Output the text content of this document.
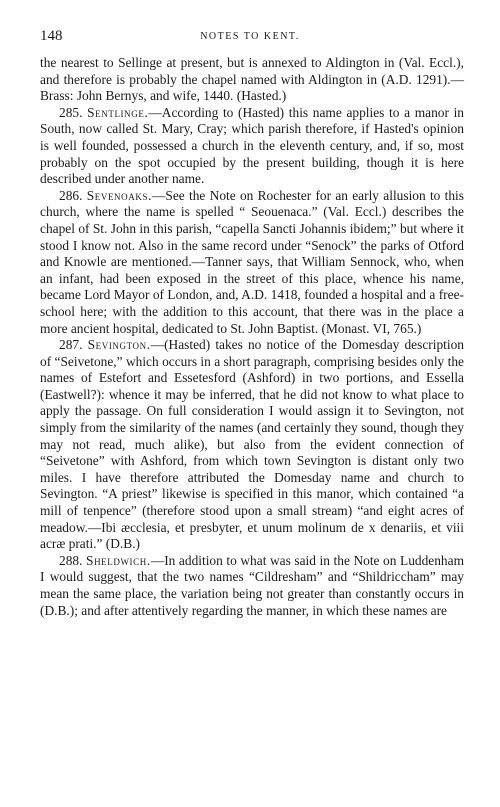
148	NOTES TO KENT.

the nearest to Sellinge at present, but is annexed to Aldington in (Val. Eccl.), and therefore is probably the chapel named with Aldington in (A.D. 1291).—Brass: John Bernys, and wife, 1440. (Hasted.)

285. Sentlinge.—According to (Hasted) this name applies to a manor in South, now called St. Mary, Cray; which parish therefore, if Hasted's opinion is well founded, possessed a church in the eleventh century, and, if so, most probably on the spot occupied by the present building, though it is here described under another name.

286. Sevenoaks.—See the Note on Rochester for an early allusion to this church, where the name is spelled “ Seouenaca.” (Val. Eccl.) describes the chapel of St. John in this parish, “capella Sancti Johannis ibidem;” but where it stood I know not. Also in the same record under “Senock” the parks of Otford and Knowle are mentioned.—Tanner says, that William Sennock, who, when an infant, had been exposed in the street of this place, whence his name, became Lord Mayor of London, and, A.D. 1418, founded a hospital and a free-school here; with the addition to this account, that there was in the place a more ancient hospital, dedicated to St. John Baptist. (Monast. VI, 765.)

287. Sevington.—(Hasted) takes no notice of the Domesday description of “Seivetone,” which occurs in a short paragraph, comprising besides only the names of Estefort and Essetesford (Ashford) in two portions, and Essella (Eastwell?): whence it may be inferred, that he did not know to what place to apply the passage. On full consideration I would assign it to Sevington, not simply from the similarity of the names (and certainly they sound, though they may not read, much alike), but also from the evident connection of “Seivetone” with Ashford, from which town Sevington is distant only two miles. I have therefore attributed the Domesday name and church to Sevington. “A priest” likewise is specified in this manor, which contained “a mill of tenpence” (therefore stood upon a small stream) “and eight acres of meadow.—Ibi æcclesia, et presbyter, et unum molinum de x denariis, et viii acræ prati.” (D.B.)

288. Sheldwich.—In addition to what was said in the Note on Luddenham I would suggest, that the two names “Cildresham” and “Shildriccham” may mean the same place, the variation being not greater than constantly occurs in (D.B.); and after attentively regarding the manner, in which these names are
